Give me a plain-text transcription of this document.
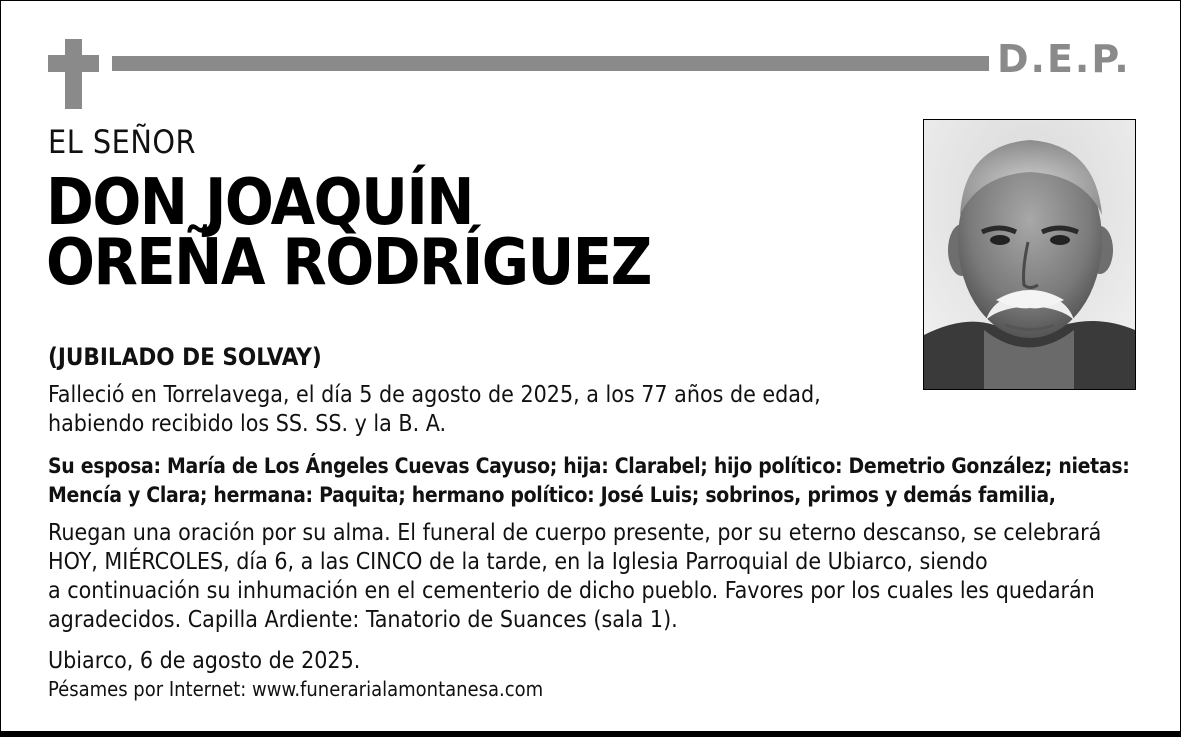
D.E.P.
EL SEÑOR
DON JOAQUÍN
OREÑA RODRÍGUEZ
(JUBILADO DE SOLVAY)
Falleció en Torrelavega, el día 5 de agosto de 2025, a los 77 años de edad,
habiendo recibido los SS. SS. y la B. A.
Su esposa: María de Los Ángeles Cuevas Cayuso; hija: Clarabel; hijo político: Demetrio González; nietas:
Mencía y Clara; hermana: Paquita; hermano político: José Luis; sobrinos, primos y demás familia,
Ruegan una oración por su alma. El funeral de cuerpo presente, por su eterno descanso, se celebrará
HOY, MIÉRCOLES, día 6, a las CINCO de la tarde, en la Iglesia Parroquial de Ubiarco, siendo
a continuación su inhumación en el cementerio de dicho pueblo. Favores por los cuales les quedarán
agradecidos. Capilla Ardiente: Tanatorio de Suances (sala 1).
Ubiarco, 6 de agosto de 2025.
Pésames por Internet: www.funerarialamontanesa.com
